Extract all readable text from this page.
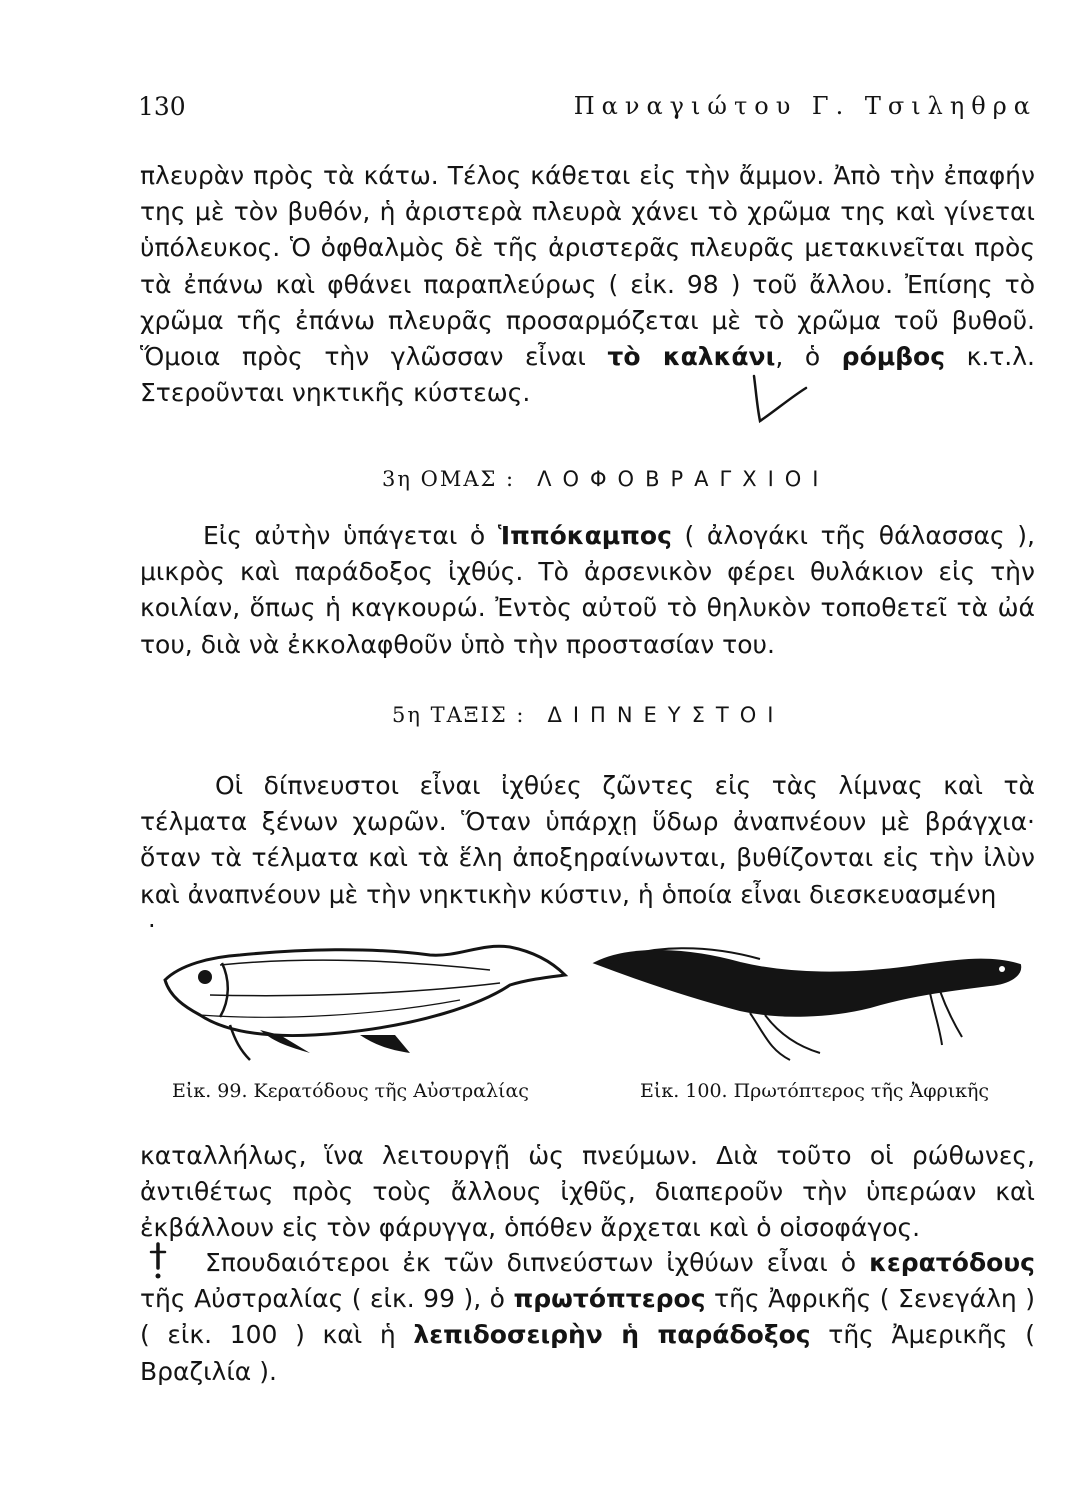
130	Παναγιώτου Γ. Τσιληθρα

πλευρὰν πρὸς τὰ κάτω. Τέλος κάθεται εἰς τὴν ἄμμον. Ἀπὸ τὴν ἐπαφήν της μὲ τὸν βυθόν, ἡ ἀριστερὰ πλευρὰ χάνει τὸ χρῶμα της καὶ γίνεται ὑπόλευκος. Ὁ ὀφθαλμὸς δὲ τῆς ἀριστερᾶς πλευρᾶς μετακινεῖται πρὸς τὰ ἐπάνω καὶ φθάνει παραπλεύρως ( εἰκ. 98 ) τοῦ ἄλλου. Ἐπίσης τὸ χρῶμα τῆς ἐπάνω πλευρᾶς προσαρμόζεται μὲ τὸ χρῶμα τοῦ βυθοῦ. Ὅμοια πρὸς τὴν γλῶσσαν εἶναι τὸ καλκάνι, ὁ ρόμβος κ.τ.λ. Στεροῦνται νηκτικῆς κύστεως.

3η ΟΜΑΣ : ΛΟΦΟΒΡΑΓΧΙΟΙ

Εἰς αὐτὴν ὑπάγεται ὁ Ἱππόκαμπος ( ἀλογάκι τῆς θάλασσας ), μικρὸς καὶ παράδοξος ἰχθύς. Τὸ ἀρσενικὸν φέρει θυλάκιον εἰς τὴν κοιλίαν, ὅπως ἡ καγκουρώ. Ἐντὸς αὐτοῦ τὸ θηλυκὸν τοποθετεῖ τὰ ὠά του, διὰ νὰ ἐκκολαφθοῦν ὑπὸ τὴν προστασίαν του.

5η ΤΑΞΙΣ : ΔΙΠΝΕΥΣΤΟΙ

Οἱ δίπνευστοι εἶναι ἰχθύες ζῶντες εἰς τὰς λίμνας καὶ τὰ τέλματα ξένων χωρῶν. Ὅταν ὑπάρχῃ ὕδωρ ἀναπνέουν μὲ βράγχια· ὅταν τὰ τέλματα καὶ τὰ ἕλη ἀποξηραίνωνται, βυθίζονται εἰς τὴν ἰλὺν καὶ ἀναπνέουν μὲ τὴν νηκτικὴν κύστιν, ἡ ὁποία εἶναι διεσκευασμένη

.
Εἰκ. 99. Κερατόδους τῆς Αὐστραλίας	Εἰκ. 100. Πρωτόπτερος τῆς Ἀφρικῆς

καταλλήλως, ἵνα λειτουργῇ ὡς πνεύμων. Διὰ τοῦτο οἱ ρώθωνες, ἀντιθέτως πρὸς τοὺς ἄλλους ἰχθῦς, διαπεροῦν τὴν ὑπερώαν καὶ ἐκβάλλουν εἰς τὸν φάρυγγα, ὁπόθεν ἄρχεται καὶ ὁ οἰσοφάγος.

Σπουδαιότεροι ἐκ τῶν διπνεύστων ἰχθύων εἶναι ὁ κερατόδους τῆς Αὐστραλίας ( εἰκ. 99 ), ὁ πρωτόπτερος τῆς Ἀφρικῆς ( Σενεγάλη ) ( εἰκ. 100 ) καὶ ἡ λεπιδοσειρὴν ἡ παράδοξος τῆς Ἀμερικῆς ( Βραζιλία ).
